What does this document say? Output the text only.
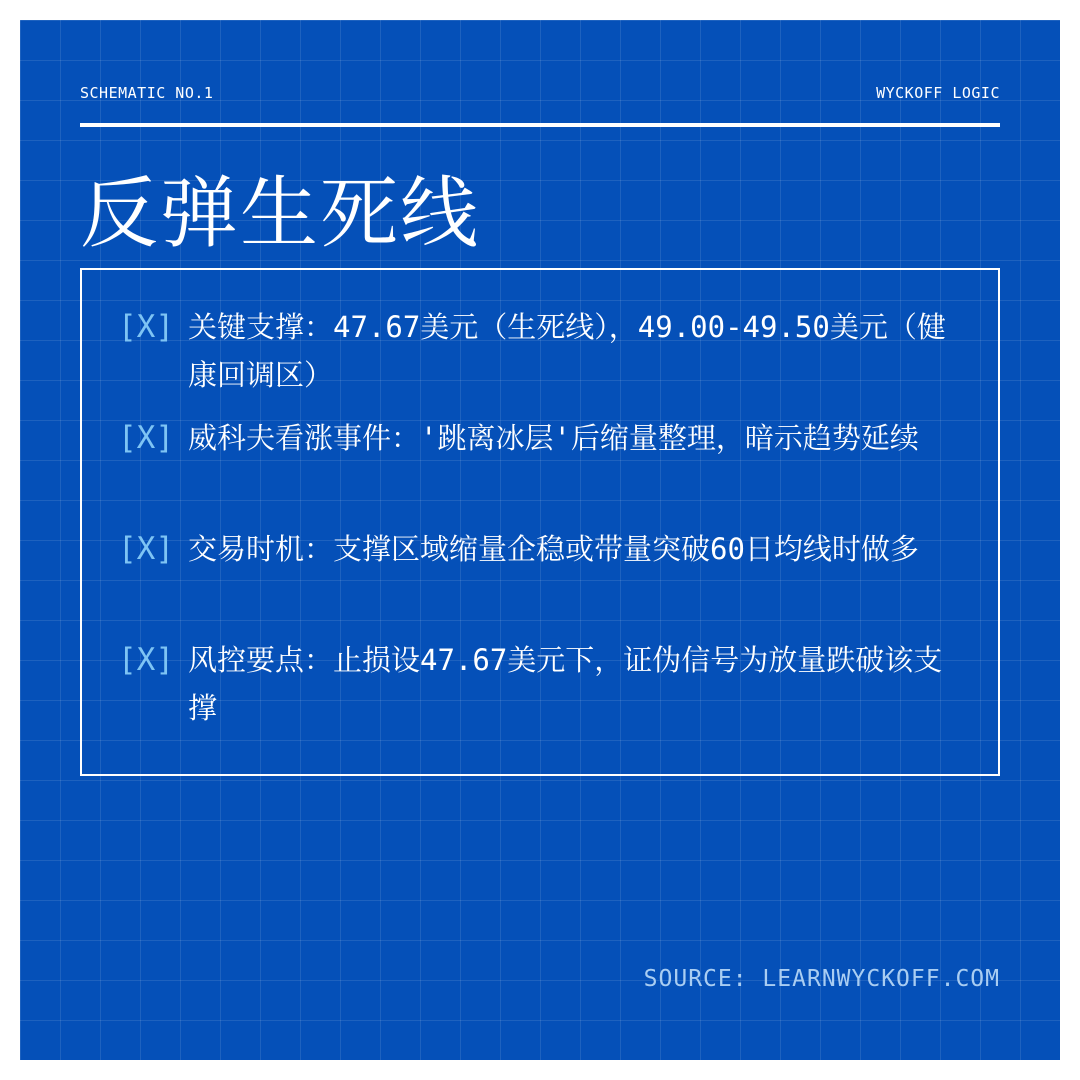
SCHEMATIC NO.1	WYCKOFF LOGIC
反弹生死线
[X] 关键支撑：47.67美元（生死线），49.00-49.50美元（健康回调区）
[X] 威科夫看涨事件：'跳离冰层'后缩量整理，暗示趋势延续
[X] 交易时机：支撑区域缩量企稳或带量突破60日均线时做多
[X] 风控要点：止损设47.67美元下，证伪信号为放量跌破该支撑
SOURCE: LEARNWYCKOFF.COM
